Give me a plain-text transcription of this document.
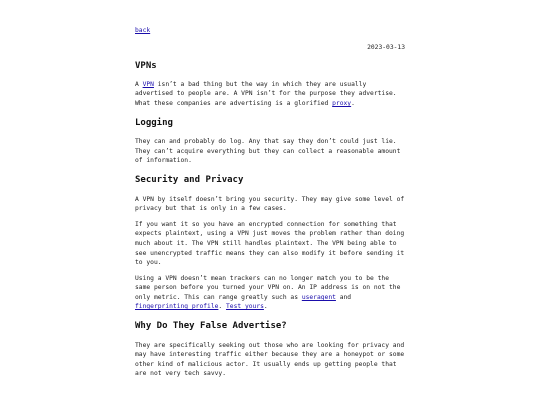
back
2023-03-13
VPNs

A VPN isn’t a bad thing but the way in which they are usually advertised to people are. A VPN isn’t for the purpose they advertise. What these companies are advertising is a glorified proxy.

Logging

They can and probably do log. Any that say they don’t could just lie. They can’t acquire everything but they can collect a reasonable amount of information.

Security and Privacy

A VPN by itself doesn’t bring you security. They may give some level of privacy but that is only in a few cases.

If you want it so you have an encrypted connection for something that expects plaintext, using a VPN just moves the problem rather than doing much about it. The VPN still handles plaintext. The VPN being able to see unencrypted traffic means they can also modify it before sending it to you.

Using a VPN doesn’t mean trackers can no longer match you to be the same person before you turned your VPN on. An IP address is on not the only metric. This can range greatly such as useragent and fingerprinting profile. Test yours.

Why Do They False Advertise?

They are specifically seeking out those who are looking for privacy and may have interesting traffic either because they are a honeypot or some other kind of malicious actor. It usually ends up getting people that are not very tech savvy.
